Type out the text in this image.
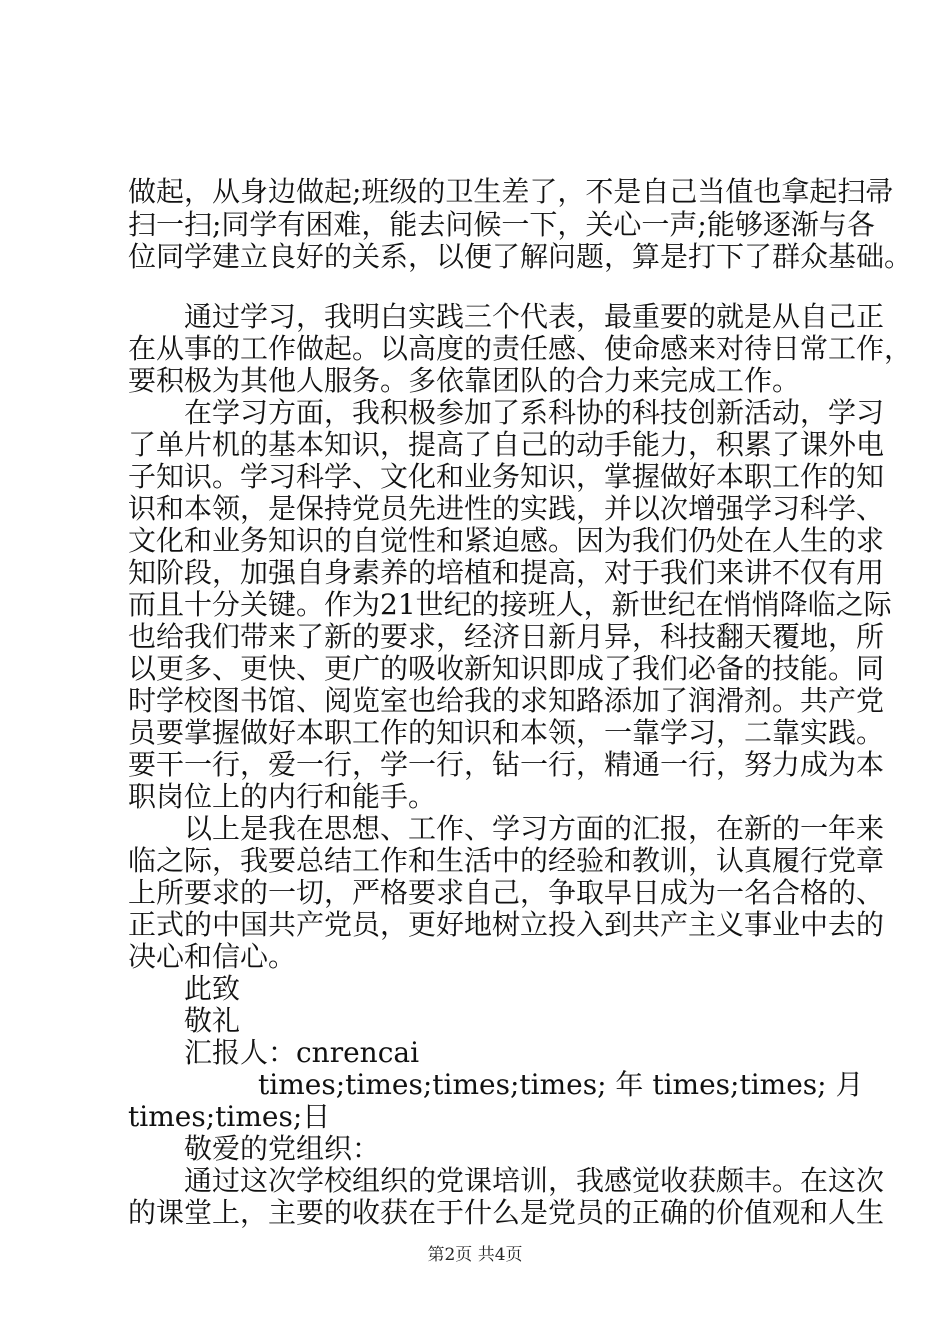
做起，从身边做起;班级的卫生差了，不是自己当值也拿起扫帚
扫一扫;同学有困难，能去问候一下，关心一声;能够逐渐与各
位同学建立良好的关系，以便了解问题，算是打下了群众基础。
通过学习，我明白实践三个代表，最重要的就是从自己正
在从事的工作做起。以高度的责任感、使命感来对待日常工作，
要积极为其他人服务。多依靠团队的合力来完成工作。
在学习方面，我积极参加了系科协的科技创新活动，学习
了单片机的基本知识，提高了自己的动手能力，积累了课外电
子知识。学习科学、文化和业务知识，掌握做好本职工作的知
识和本领，是保持党员先进性的实践，并以次增强学习科学、
文化和业务知识的自觉性和紧迫感。因为我们仍处在人生的求
知阶段，加强自身素养的培植和提高，对于我们来讲不仅有用
而且十分关键。作为21世纪的接班人，新世纪在悄悄降临之际
也给我们带来了新的要求，经济日新月异，科技翻天覆地，所
以更多、更快、更广的吸收新知识即成了我们必备的技能。同
时学校图书馆、阅览室也给我的求知路添加了润滑剂。共产党
员要掌握做好本职工作的知识和本领，一靠学习，二靠实践。
要干一行，爱一行，学一行，钻一行，精通一行，努力成为本
职岗位上的内行和能手。
以上是我在思想、工作、学习方面的汇报，在新的一年来
临之际，我要总结工作和生活中的经验和教训，认真履行党章
上所要求的一切，严格要求自己，争取早日成为一名合格的、
正式的中国共产党员，更好地树立投入到共产主义事业中去的
决心和信心。
此致
敬礼
汇报人：cnrencai
times;times;times;times; 年 times;times; 月
times;times;日
敬爱的党组织：
通过这次学校组织的党课培训，我感觉收获颇丰。在这次
的课堂上，主要的收获在于什么是党员的正确的价值观和人生
第2页 共4页
